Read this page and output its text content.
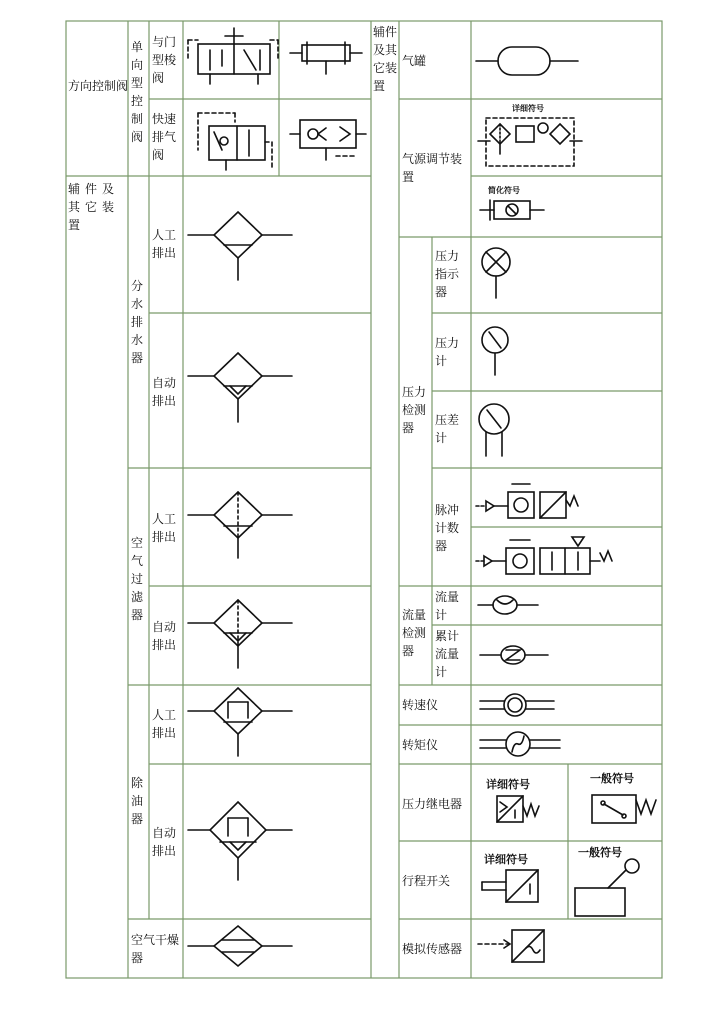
方向控制阀
单向型控制阀
与门型梭阀
快速排气阀
辅件及其它装置
分水排水器
人工排出
自动排出
空气过滤器
人工排出
自动排出
除油器
人工排出
自动排出
空气干燥器
辅件及其它装置
气罐
气源调节装置
详细符号
简化符号
压力检测器
压力指示器
压力计
压差计
脉冲计数器
流量检测器
流量计
累计流量计
转速仪
转矩仪
压力继电器
详细符号	一般符号
行程开关
详细符号
一般符号
模拟传感器
